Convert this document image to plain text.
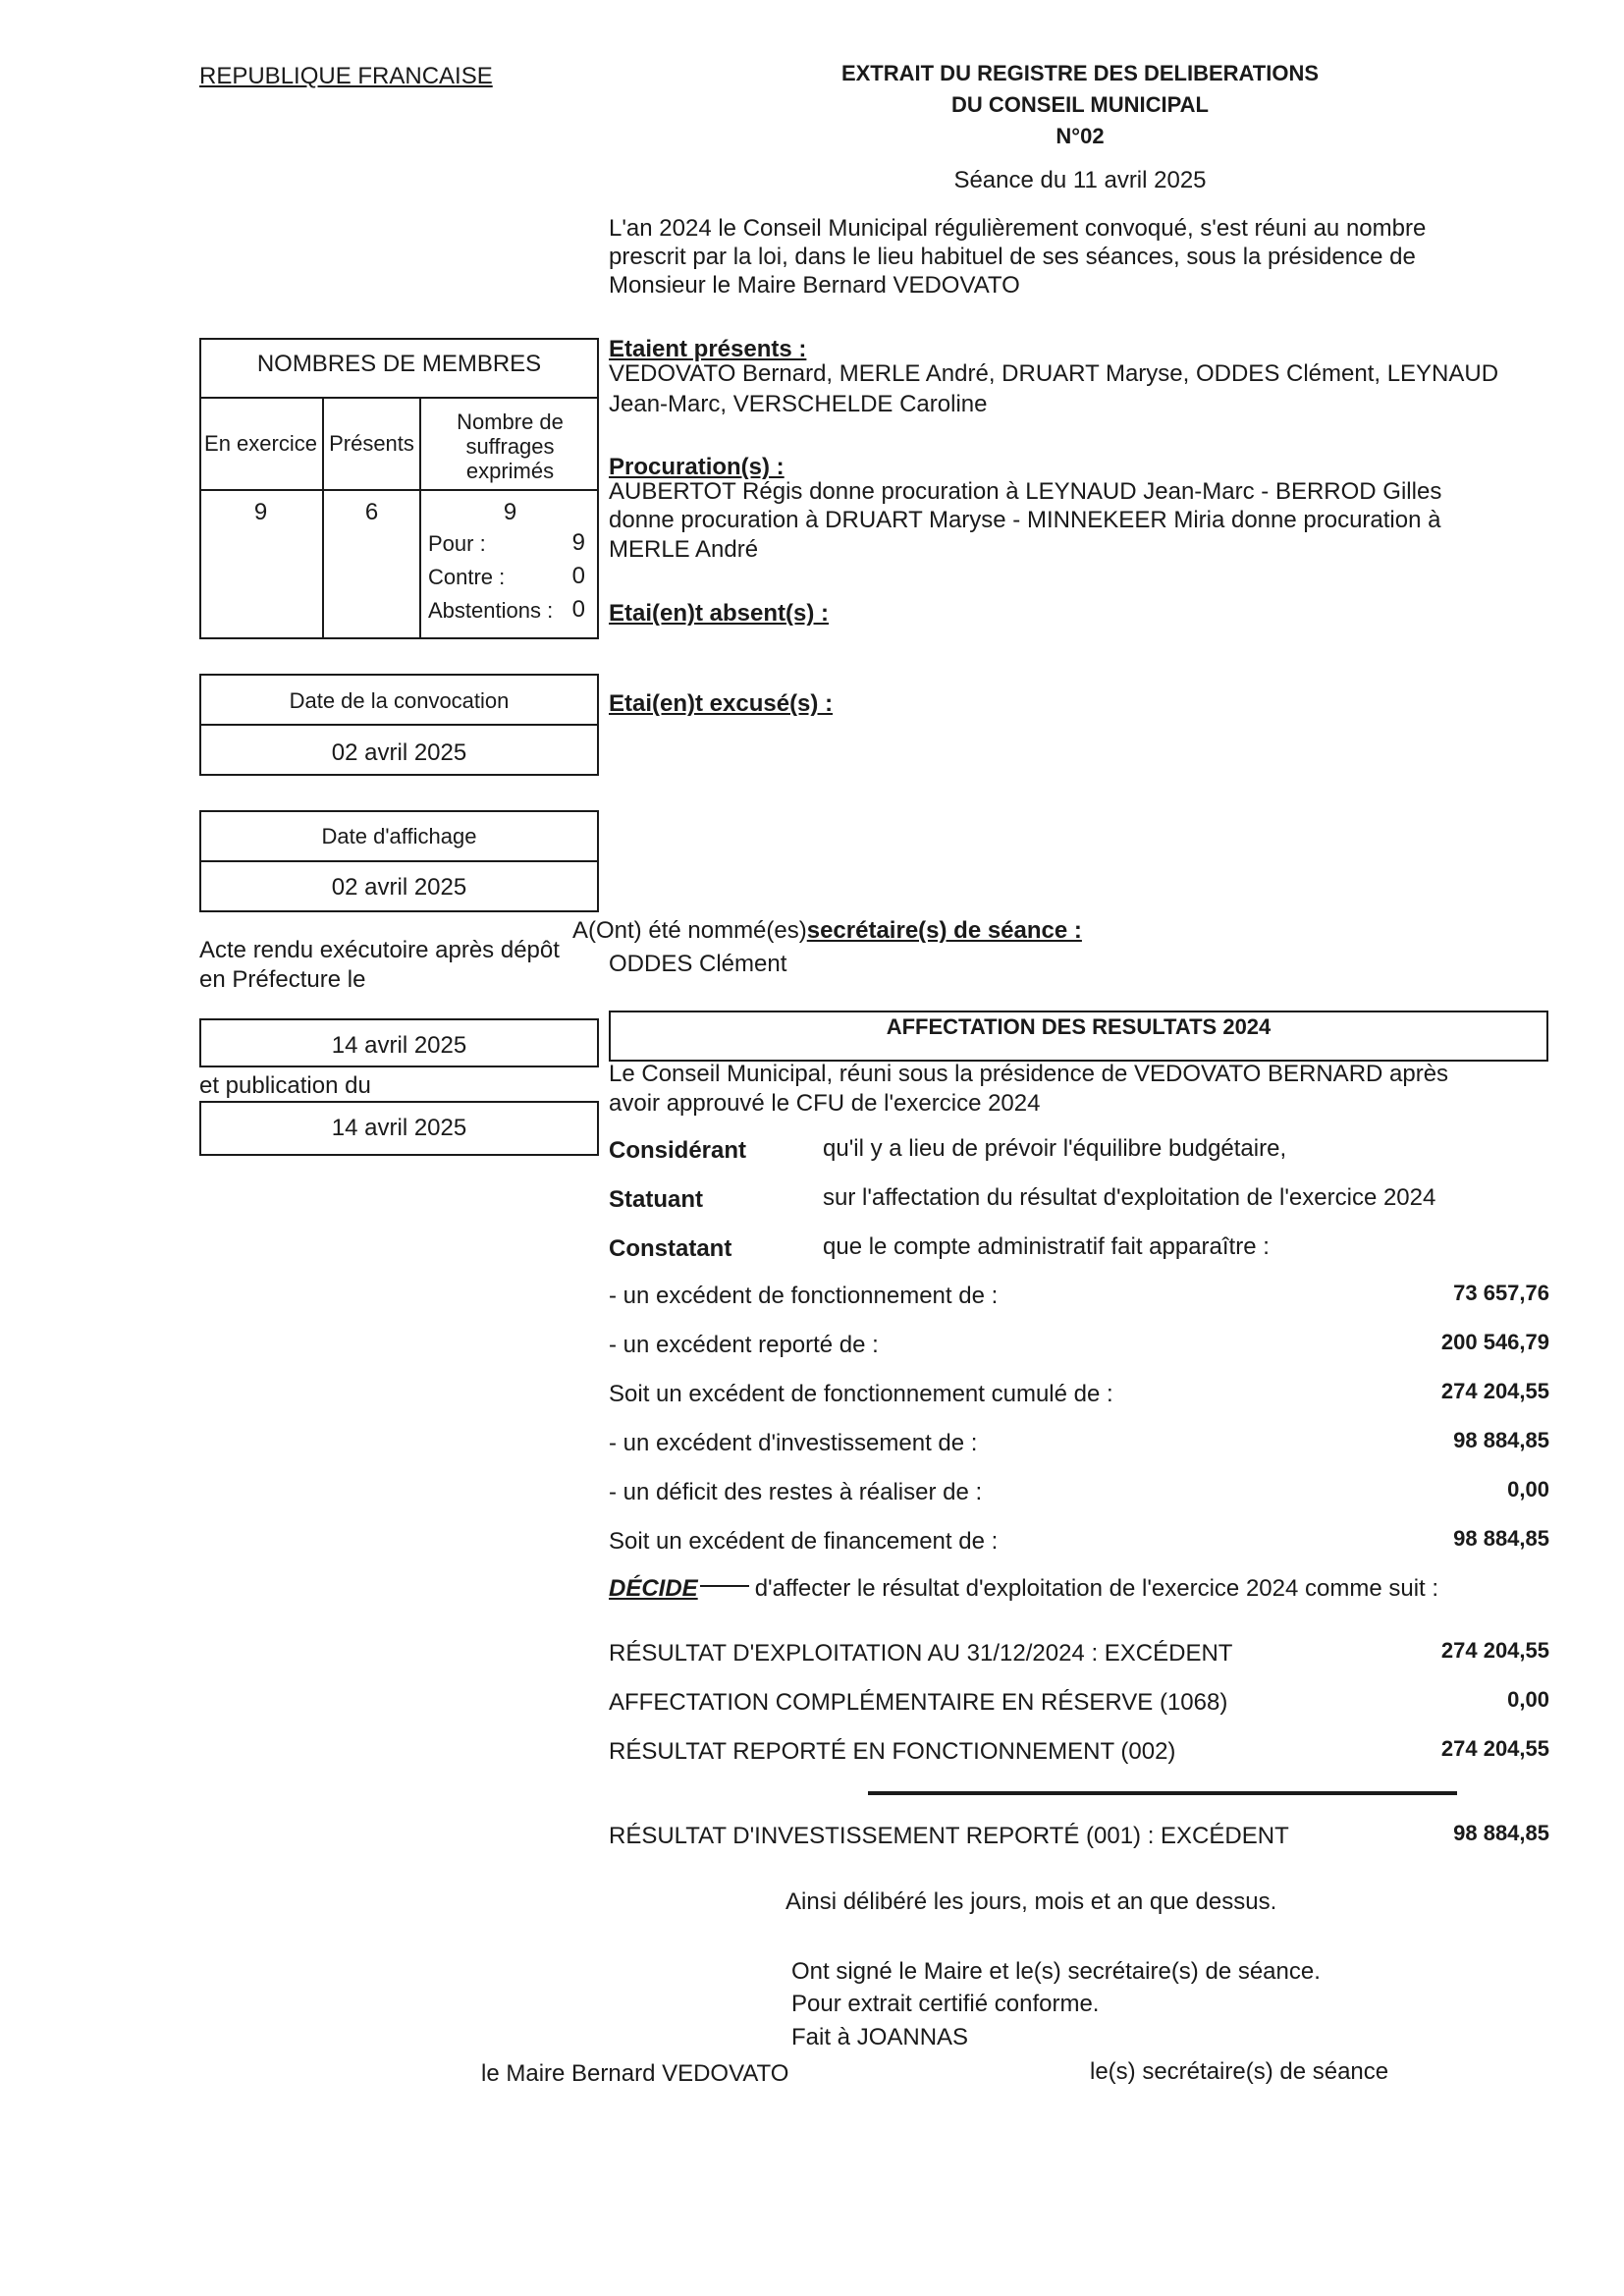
REPUBLIQUE FRANCAISE	EXTRAIT DU REGISTRE DES DELIBERATIONS
DU CONSEIL MUNICIPAL
N°02
Séance du 11 avril 2025
L'an 2024 le Conseil Municipal régulièrement convoqué, s'est réuni au nombre
prescrit par la loi, dans le lieu habituel de ses séances, sous la présidence de
Monsieur le Maire Bernard VEDOVATO
NOMBRES DE MEMBRES
En exercice Présents
Nombre de
suffrages
exprimés
9	6	9
Pour :	9
Contre :	0
Abstentions : 0
Etaient présents :
VEDOVATO Bernard, MERLE André, DRUART Maryse, ODDES Clément, LEYNAUD
Jean-Marc, VERSCHELDE Caroline
Procuration(s) :
AUBERTOT Régis donne procuration à LEYNAUD Jean-Marc - BERROD Gilles
donne procuration à DRUART Maryse - MINNEKEER Miria donne procuration à
MERLE André
Etai(en)t absent(s) :
Etai(en)t excusé(s) :
Date de la convocation
02 avril 2025
Date d'affichage
02 avril 2025
Acte rendu exécutoire après dépôt
en Préfecture le
14 avril 2025
et publication du
14 avril 2025
A(Ont) été nommé(es)secrétaire(s) de séance :
ODDES Clément
AFFECTATION DES RESULTATS 2024
Le Conseil Municipal, réuni sous la présidence de VEDOVATO BERNARD après
avoir approuvé le CFU de l'exercice 2024
Considérant	qu'il y a lieu de prévoir l'équilibre budgétaire,
Statuant	sur l'affectation du résultat d'exploitation de l'exercice 2024
Constatant	que le compte administratif fait apparaître :
- un excédent de fonctionnement de :	73 657,76
- un excédent reporté de :	200 546,79
Soit un excédent de fonctionnement cumulé de :	274 204,55
- un excédent d'investissement de :	98 884,85
- un déficit des restes à réaliser de :	0,00
Soit un excédent de financement de :	98 884,85
DÉCIDE d'affecter le résultat d'exploitation de l'exercice 2024 comme suit :
RÉSULTAT D'EXPLOITATION AU 31/12/2024 : EXCÉDENT	274 204,55
AFFECTATION COMPLÉMENTAIRE EN RÉSERVE (1068)	0,00
RÉSULTAT REPORTÉ EN FONCTIONNEMENT (002)	274 204,55
RÉSULTAT D'INVESTISSEMENT REPORTÉ (001) : EXCÉDENT	98 884,85
Ainsi délibéré les jours, mois et an que dessus.
Ont signé le Maire et le(s) secrétaire(s) de séance.
Pour extrait certifié conforme.
Fait à JOANNAS
le Maire Bernard VEDOVATO	le(s) secrétaire(s) de séance
